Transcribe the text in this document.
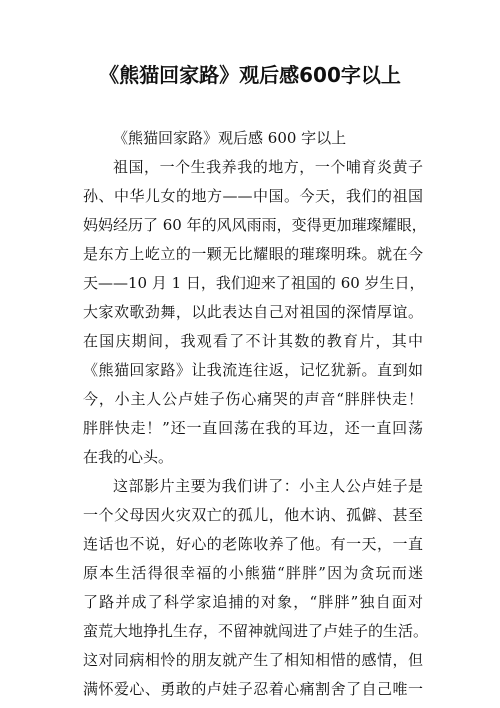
《熊猫回家路》观后感600字以上
《熊猫回家路》观后感 600 字以上
祖国，一个生我养我的地方，一个哺育炎黄子
孙、中华儿女的地方——中国。今天，我们的祖国
妈妈经历了 60 年的风风雨雨，变得更加璀璨耀眼，
是东方上屹立的一颗无比耀眼的璀璨明珠。就在今
天——10 月 1 日，我们迎来了祖国的 60 岁生日，
大家欢歌劲舞，以此表达自己对祖国的深情厚谊。
在国庆期间，我观看了不计其数的教育片，其中
《熊猫回家路》让我流连往返，记忆犹新。直到如
今，小主人公卢娃子伤心痛哭的声音“胖胖快走！
胖胖快走！”还一直回荡在我的耳边，还一直回荡
在我的心头。
这部影片主要为我们讲了：小主人公卢娃子是
一个父母因火灾双亡的孤儿，他木讷、孤僻、甚至
连话也不说，好心的老陈收养了他。有一天，一直
原本生活得很幸福的小熊猫“胖胖”因为贪玩而迷
了路并成了科学家追捕的对象，“胖胖”独自面对
蛮荒大地挣扎生存，不留神就闯进了卢娃子的生活。
这对同病相怜的朋友就产生了相知相惜的感情，但
满怀爱心、勇敢的卢娃子忍着心痛割舍了自己唯一
